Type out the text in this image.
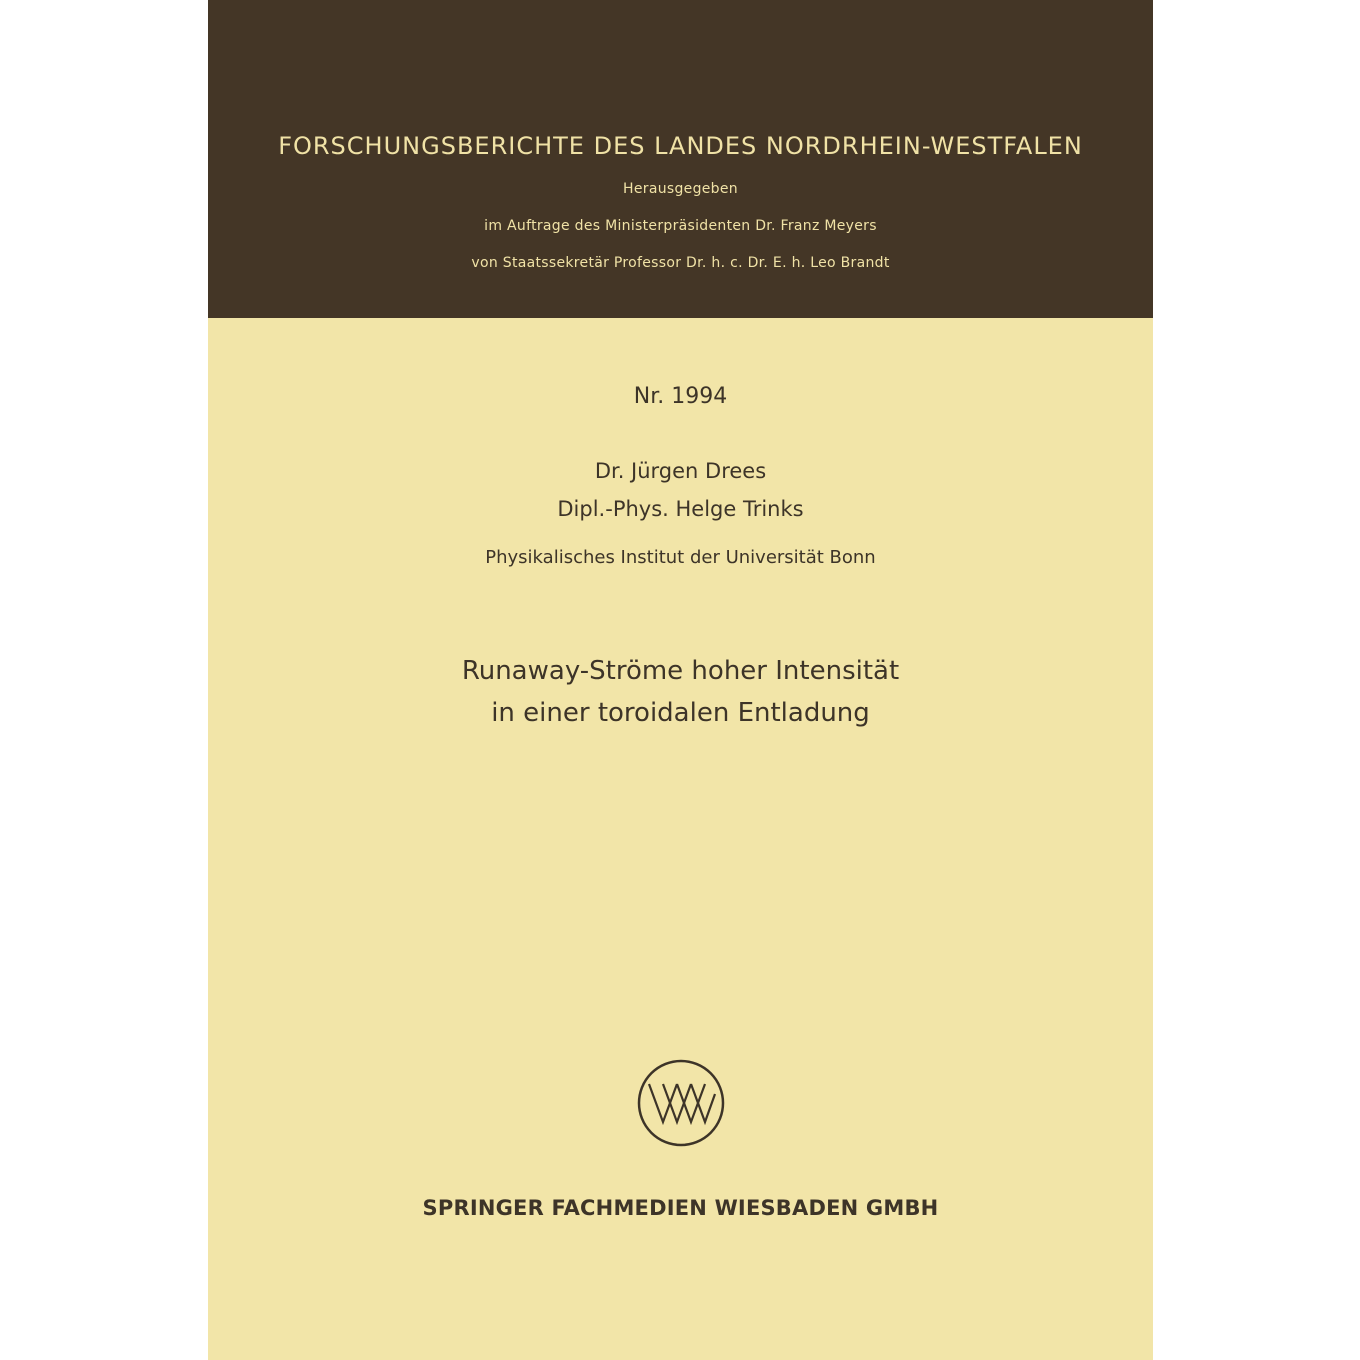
FORSCHUNGSBERICHTE DES LANDES NORDRHEIN-WESTFALEN
Herausgegeben
im Auftrage des Ministerpräsidenten Dr. Franz Meyers
von Staatssekretär Professor Dr. h. c. Dr. E. h. Leo Brandt
Nr. 1994
Dr. Jürgen Drees
Dipl.-Phys. Helge Trinks
Physikalisches Institut der Universität Bonn
Runaway-Ströme hoher Intensität
in einer toroidalen Entladung
SPRINGER FACHMEDIEN WIESBADEN GMBH
